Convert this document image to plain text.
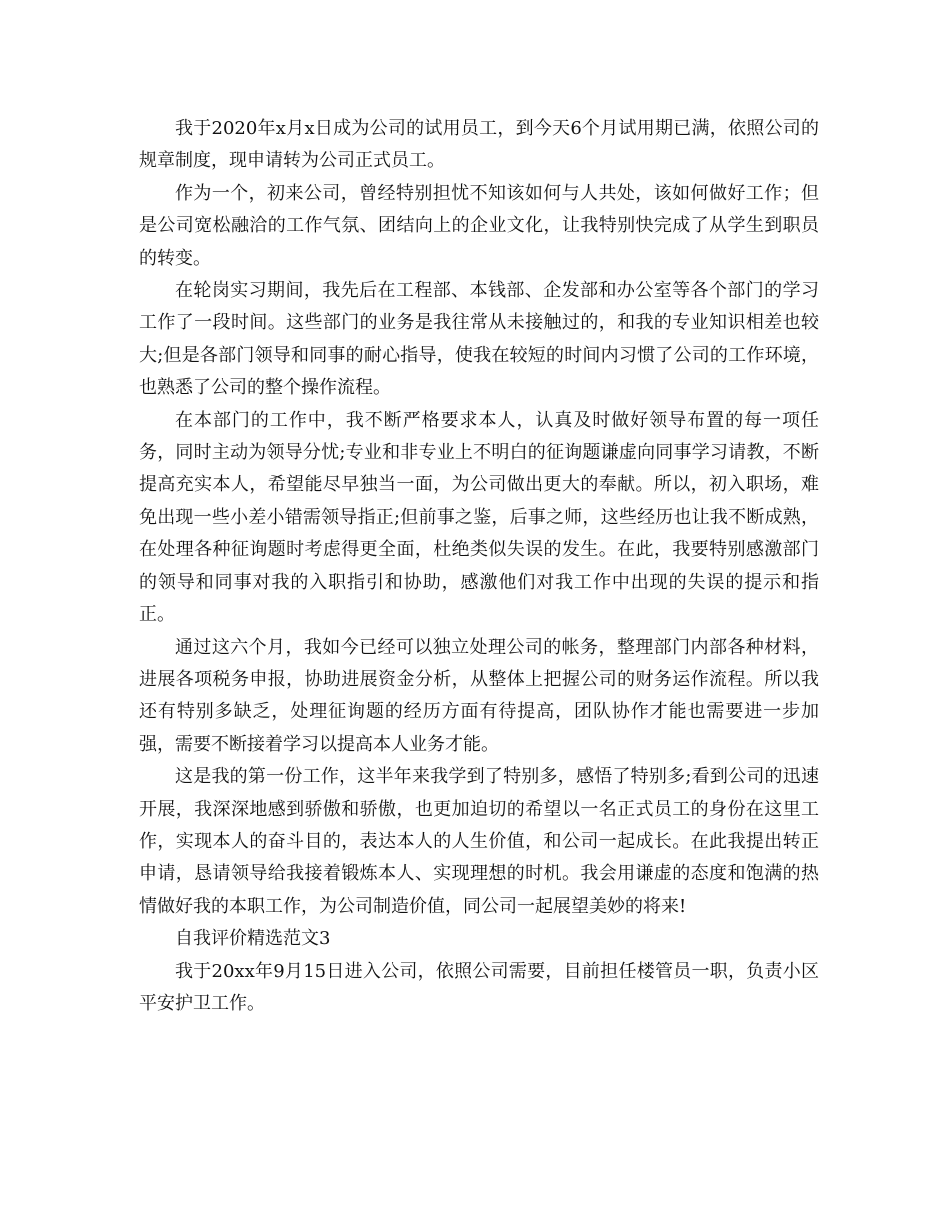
我于2020年x月x日成为公司的试用员工，到今天6个月试用期已满，依照公司的规章制度，现申请转为公司正式员工。

作为一个，初来公司，曾经特别担忧不知该如何与人共处，该如何做好工作；但是公司宽松融洽的工作气氛、团结向上的企业文化，让我特别快完成了从学生到职员的转变。

在轮岗实习期间，我先后在工程部、本钱部、企发部和办公室等各个部门的学习工作了一段时间。这些部门的业务是我往常从未接触过的，和我的专业知识相差也较大;但是各部门领导和同事的耐心指导，使我在较短的时间内习惯了公司的工作环境，也熟悉了公司的整个操作流程。

在本部门的工作中，我不断严格要求本人，认真及时做好领导布置的每一项任务，同时主动为领导分忧;专业和非专业上不明白的征询题谦虚向同事学习请教，不断提高充实本人，希望能尽早独当一面，为公司做出更大的奉献。所以，初入职场，难免出现一些小差小错需领导指正;但前事之鉴，后事之师，这些经历也让我不断成熟，在处理各种征询题时考虑得更全面，杜绝类似失误的发生。在此，我要特别感激部门的领导和同事对我的入职指引和协助，感激他们对我工作中出现的失误的提示和指正。

通过这六个月，我如今已经可以独立处理公司的帐务，整理部门内部各种材料，进展各项税务申报，协助进展资金分析，从整体上把握公司的财务运作流程。所以我还有特别多缺乏，处理征询题的经历方面有待提高，团队协作才能也需要进一步加强，需要不断接着学习以提高本人业务才能。

这是我的第一份工作，这半年来我学到了特别多，感悟了特别多;看到公司的迅速开展，我深深地感到骄傲和骄傲，也更加迫切的希望以一名正式员工的身份在这里工作，实现本人的奋斗目的，表达本人的人生价值，和公司一起成长。在此我提出转正申请，恳请领导给我接着锻炼本人、实现理想的时机。我会用谦虚的态度和饱满的热情做好我的本职工作，为公司制造价值，同公司一起展望美妙的将来!

自我评价精选范文3

我于20xx年9月15日进入公司，依照公司需要，目前担任楼管员一职，负责小区平安护卫工作。
